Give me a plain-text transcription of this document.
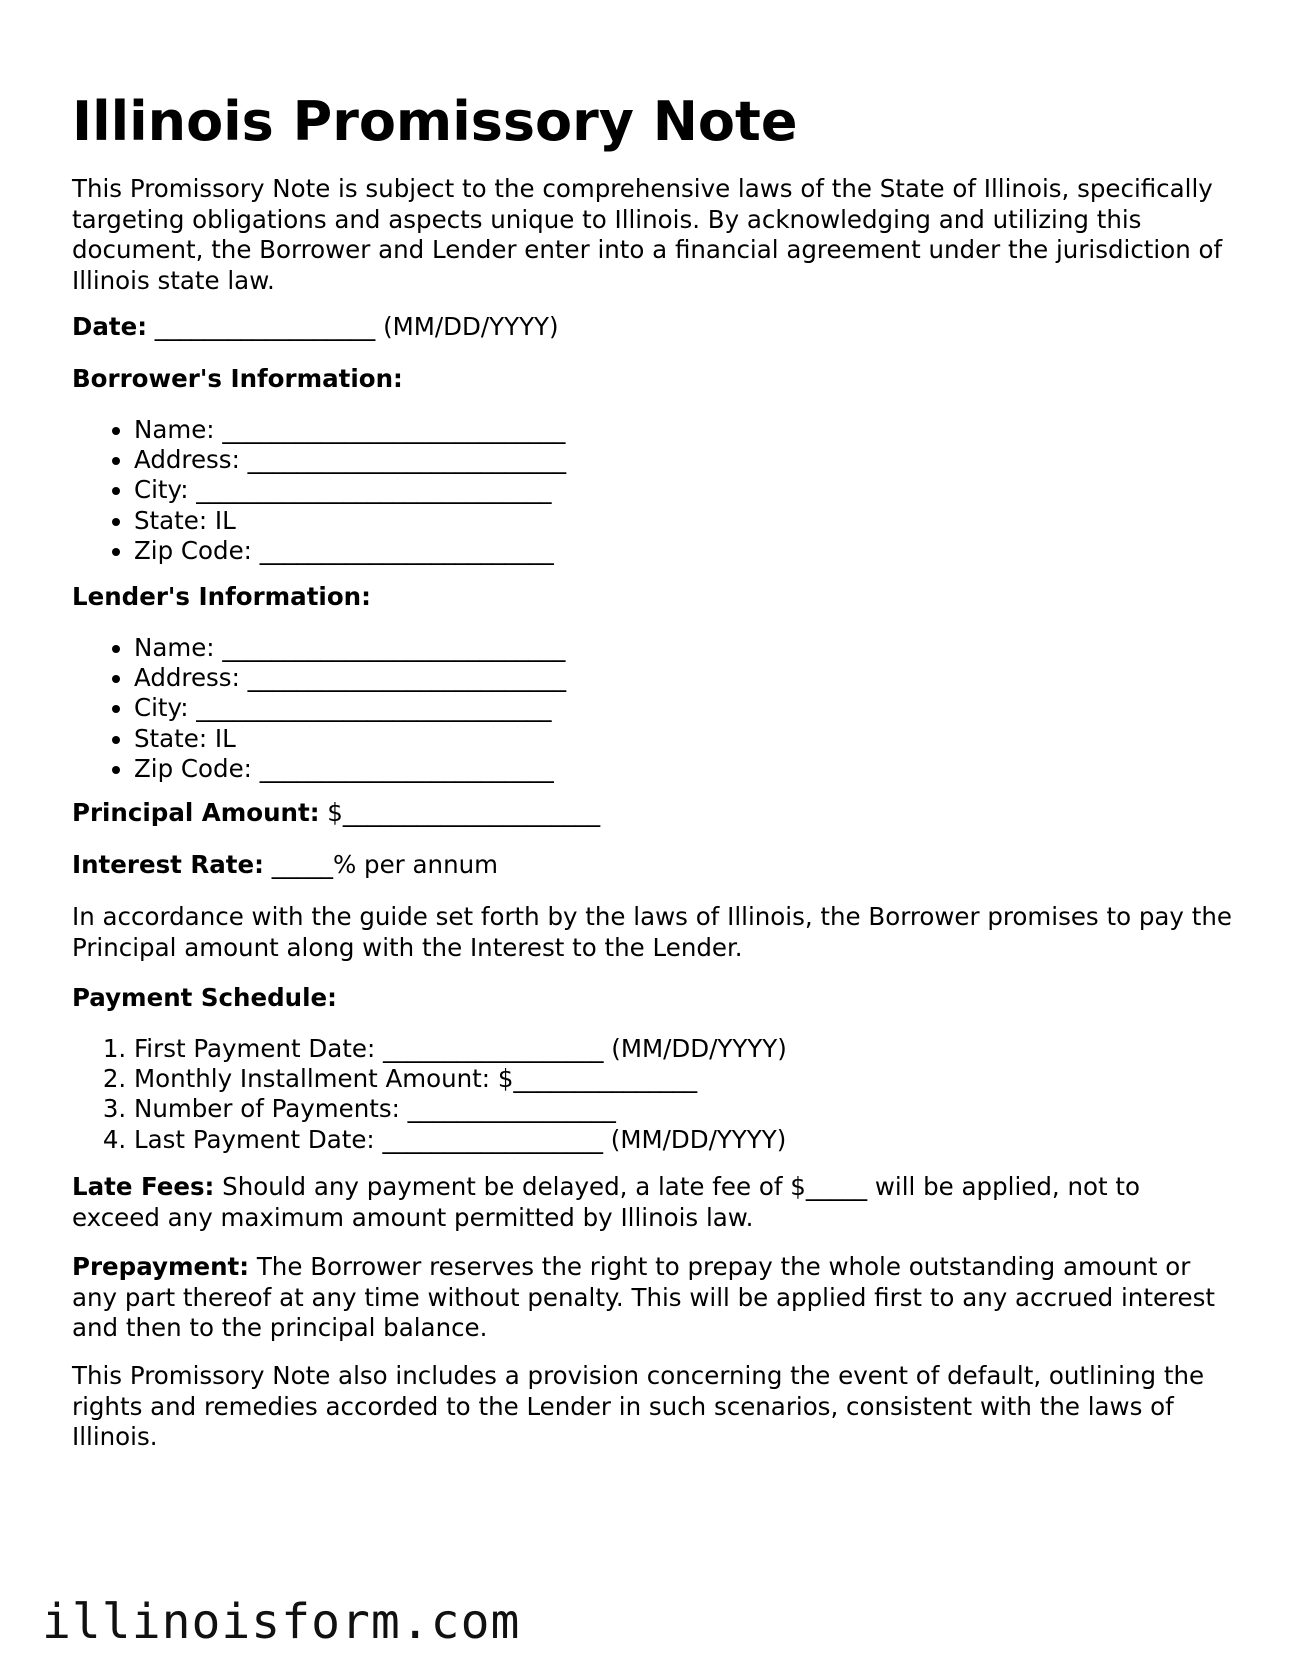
Illinois Promissory Note

This Promissory Note is subject to the comprehensive laws of the State of Illinois, specifically targeting obligations and aspects unique to Illinois. By acknowledging and utilizing this document, the Borrower and Lender enter into a financial agreement under the jurisdiction of Illinois state law.

Date: __________________ (MM/DD/YYYY)

Borrower's Information:

• Name: ____________________________
• Address: __________________________
• City: _____________________________
• State: IL
• Zip Code: ________________________

Lender's Information:

• Name: ____________________________
• Address: __________________________
• City: _____________________________
• State: IL
• Zip Code: ________________________

Principal Amount: $_____________________

Interest Rate: _____% per annum

In accordance with the guide set forth by the laws of Illinois, the Borrower promises to pay the Principal amount along with the Interest to the Lender.

Payment Schedule:

1. First Payment Date: __________________ (MM/DD/YYYY)
2. Monthly Installment Amount: $_______________
3. Number of Payments: _________________
4. Last Payment Date: __________________ (MM/DD/YYYY)

Late Fees: Should any payment be delayed, a late fee of $_____ will be applied, not to exceed any maximum amount permitted by Illinois law.

Prepayment: The Borrower reserves the right to prepay the whole outstanding amount or any part thereof at any time without penalty. This will be applied first to any accrued interest and then to the principal balance.

This Promissory Note also includes a provision concerning the event of default, outlining the rights and remedies accorded to the Lender in such scenarios, consistent with the laws of Illinois.

illinoisform.com
